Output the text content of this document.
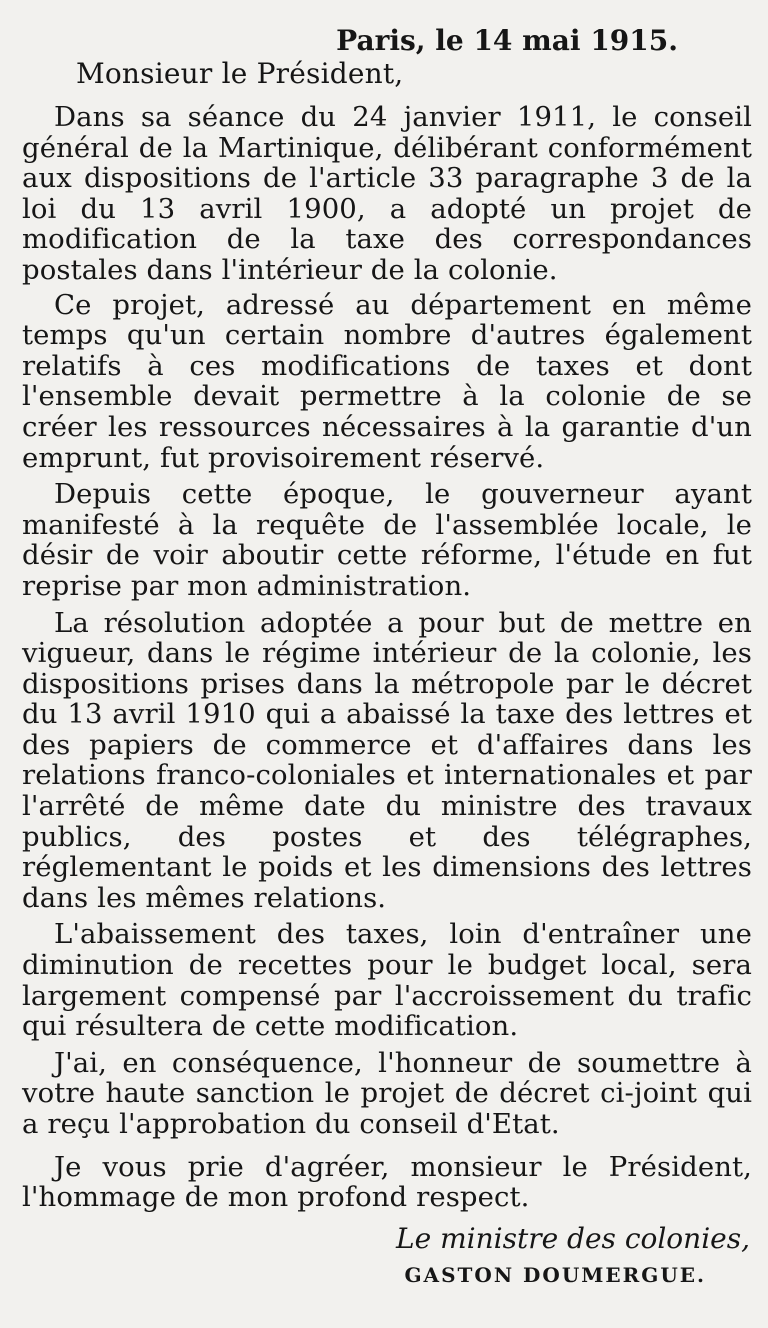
Paris, le 14 mai 1915.
Monsieur le Président,

Dans sa séance du 24 janvier 1911, le conseil général de la Martinique, délibérant conformément aux dispositions de l'article 33 paragraphe 3 de la loi du 13 avril 1900, a adopté un projet de modification de la taxe des correspondances postales dans l'intérieur de la colonie.

Ce projet, adressé au département en même temps qu'un certain nombre d'autres également relatifs à ces modifications de taxes et dont l'ensemble devait permettre à la colonie de se créer les ressources nécessaires à la garantie d'un emprunt, fut provisoirement réservé.

Depuis cette époque, le gouverneur ayant manifesté à la requête de l'assemblée locale, le désir de voir aboutir cette réforme, l'étude en fut reprise par mon administration.

La résolution adoptée a pour but de mettre en vigueur, dans le régime intérieur de la colonie, les dispositions prises dans la métropole par le décret du 13 avril 1910 qui a abaissé la taxe des lettres et des papiers de commerce et d'affaires dans les relations franco-coloniales et internationales et par l'arrêté de même date du ministre des travaux publics, des postes et des télégraphes, réglementant le poids et les dimensions des lettres dans les mêmes relations.

L'abaissement des taxes, loin d'entraîner une diminution de recettes pour le budget local, sera largement compensé par l'accroissement du trafic qui résultera de cette modification.

J'ai, en conséquence, l'honneur de soumettre à votre haute sanction le projet de décret ci-joint qui a reçu l'approbation du conseil d'Etat.

Je vous prie d'agréer, monsieur le Président, l'hommage de mon profond respect.

Le ministre des colonies,
GASTON DOUMERGUE.
